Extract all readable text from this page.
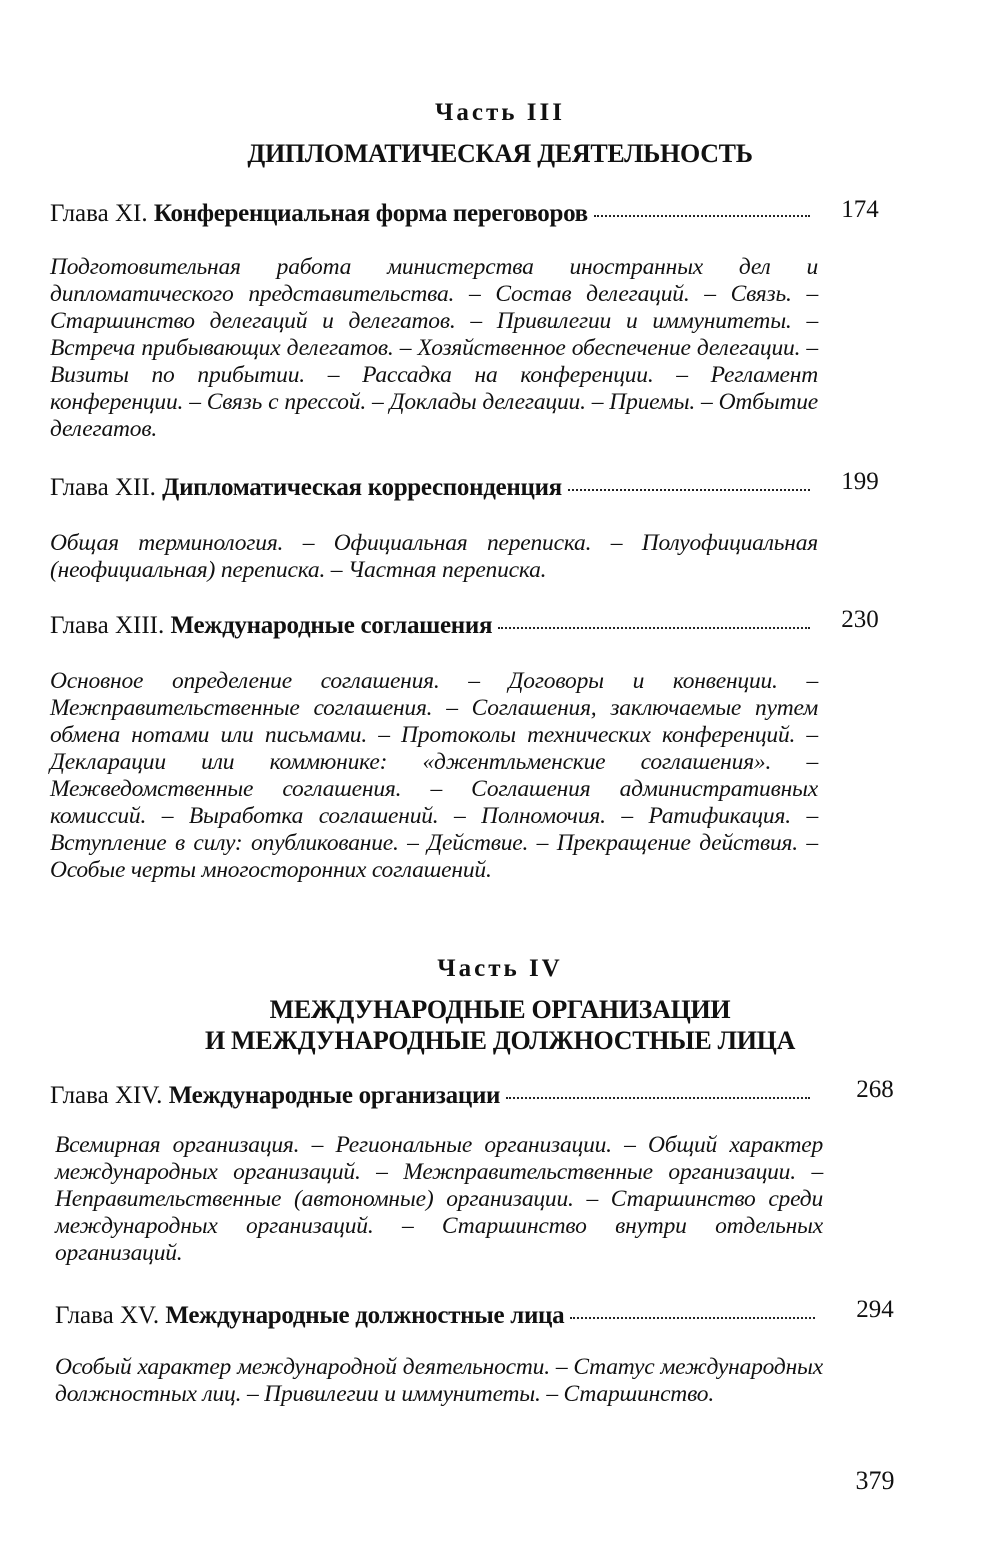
Часть III
ДИПЛОМАТИЧЕСКАЯ ДЕЯТЕЛЬНОСТЬ
Глава XI.
Конференциальная форма переговоров	174
Подготовительная работа министерства иностранных дел и дипломатического представительства. – Состав делегаций. – Связь. – Старшинство делегаций и делегатов. – Привилегии и иммунитеты. – Встреча прибывающих делегатов. – Хозяйственное обеспечение делегации. – Визиты по прибытии. – Рассадка на конференции. – Регламент конференции. – Связь с прессой. – Доклады делегации. – Приемы. – Отбытие делегатов.
Глава XII.
Дипломатическая корреспонденция	199
Общая терминология. – Официальная переписка. – Полуофициальная (неофициальная) переписка. – Частная переписка.
Глава XIII.
Международные соглашения	230
Основное определение соглашения. – Договоры и конвенции. – Межправительственные соглашения. – Соглашения, заключаемые путем обмена нотами или письмами. – Протоколы технических конференций. – Декларации или коммюнике: «джентльменские соглашения». – Межведомственные соглашения. – Соглашения административных комиссий. – Выработка соглашений. – Полномочия. – Ратификация. – Вступление в силу: опубликование. – Действие. – Прекращение действия. – Особые черты многосторонних соглашений.
Часть IV
МЕЖДУНАРОДНЫЕ ОРГАНИЗАЦИИ
И МЕЖДУНАРОДНЫЕ ДОЛЖНОСТНЫЕ ЛИЦА
Глава XIV.
Международные организации	268
Всемирная организация. – Региональные организации. – Общий характер международных организаций. – Межправительственные организации. – Неправительственные (автономные) организации. – Старшинство среди международных организаций. – Старшинство внутри отдельных организаций.
Глава XV.
Международные должностные лица	294
Особый характер международной деятельности. – Статус международных должностных лиц. – Привилегии и иммунитеты. – Старшинство.
379
